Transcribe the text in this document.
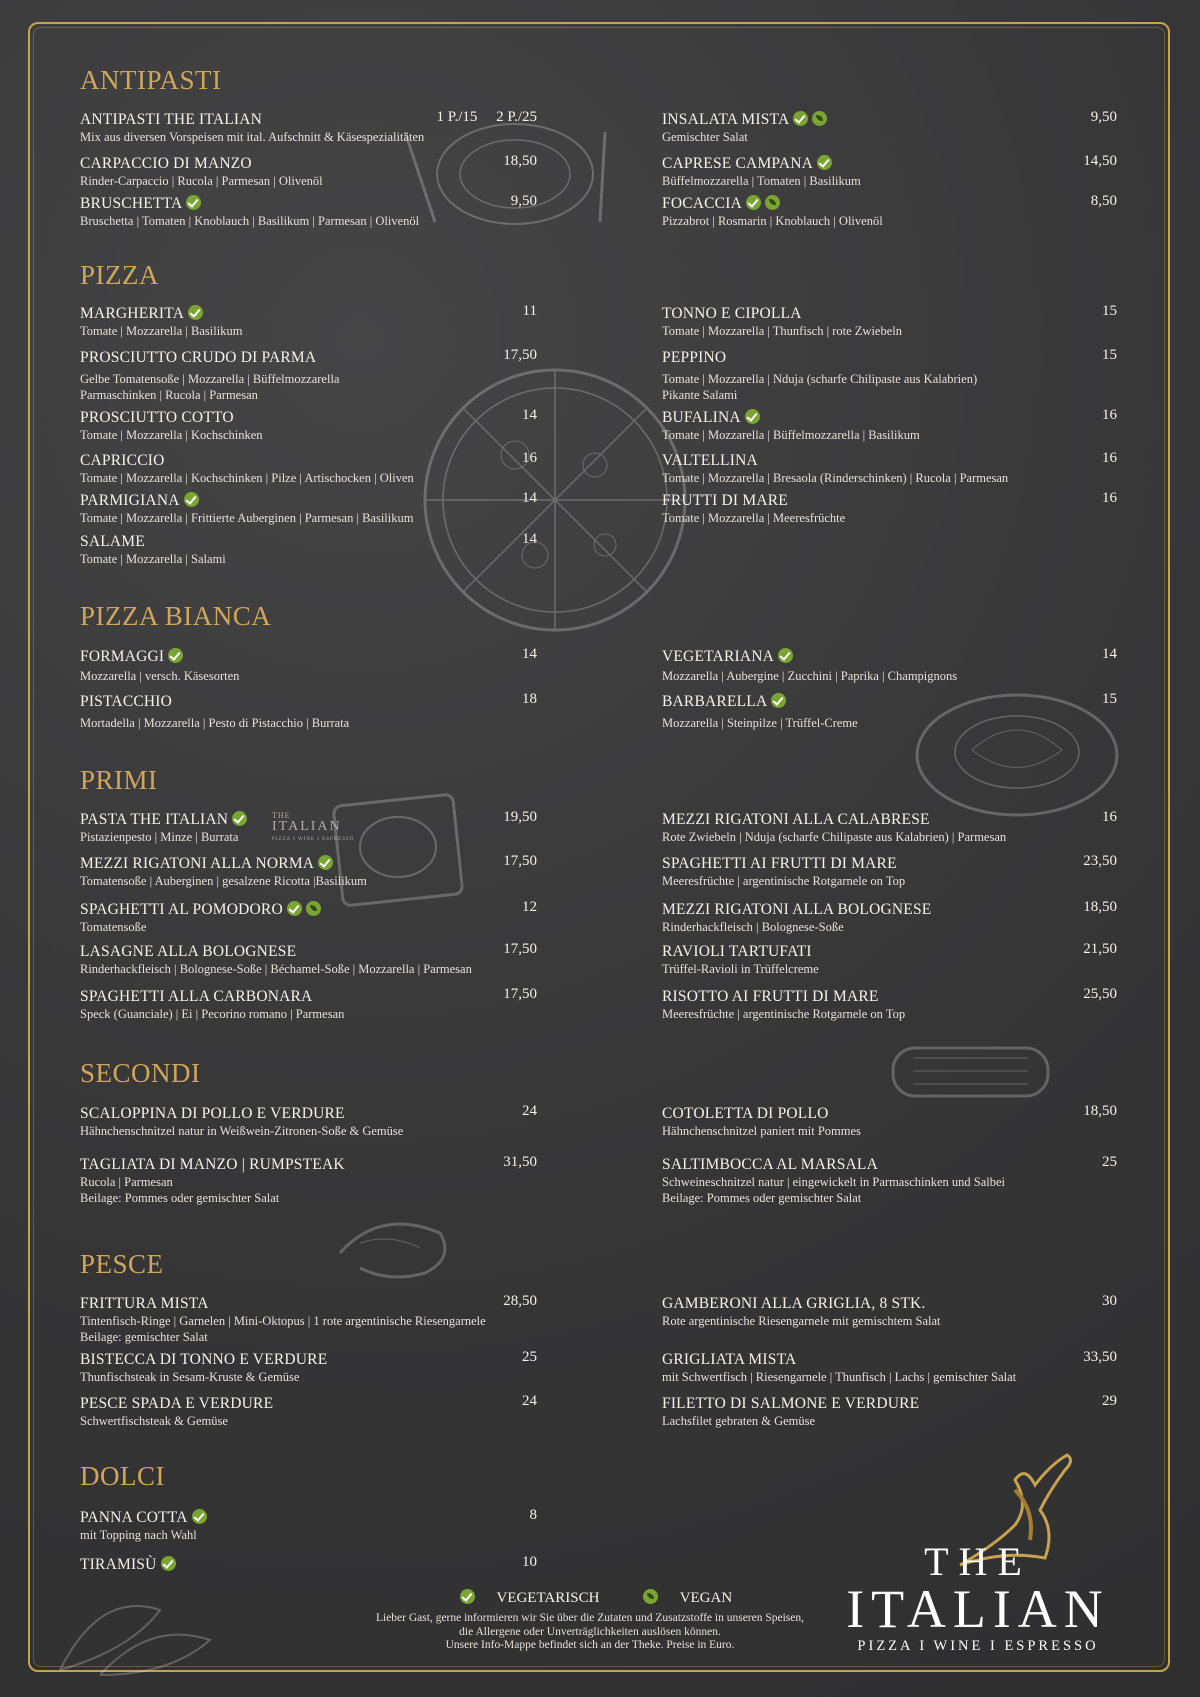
ANTIPASTI
PIZZA
PIZZA BIANCA
PRIMI
SECONDI
PESCE
DOLCI
ANTIPASTI THE ITALIAN	1 P./15     2 P./25
Mix aus diversen Vorspeisen mit ital. Aufschnitt & Käsespezialitäten
CARPACCIO DI MANZO	18,50
Rinder-Carpaccio | Rucola | Parmesan | Olivenöl
BRUSCHETTA	9,50
Bruschetta | Tomaten | Knoblauch | Basilikum | Parmesan | Olivenöl
INSALATA MISTA	9,50
Gemischter Salat
CAPRESE CAMPANA	14,50
Büffelmozzarella | Tomaten | Basilikum
FOCACCIA	8,50
Pizzabrot | Rosmarin | Knoblauch | Olivenöl
MARGHERITA	11
Tomate | Mozzarella | Basilikum
PROSCIUTTO CRUDO DI PARMA	17,50
Gelbe Tomatensoße | Mozzarella | Büffelmozzarella
Parmaschinken | Rucola | Parmesan
PROSCIUTTO COTTO	14
Tomate | Mozzarella | Kochschinken
CAPRICCIO	16
Tomate | Mozzarella | Kochschinken | Pilze | Artischocken | Oliven
PARMIGIANA	14
Tomate | Mozzarella | Frittierte Auberginen | Parmesan | Basilikum
SALAME	14
Tomate | Mozzarella | Salami
TONNO E CIPOLLA	15
Tomate | Mozzarella | Thunfisch | rote Zwiebeln
PEPPINO	15
Tomate | Mozzarella | Nduja (scharfe Chilipaste aus Kalabrien)
Pikante Salami
BUFALINA	16
Tomate | Mozzarella | Büffelmozzarella | Basilikum
VALTELLINA	16
Tomate | Mozzarella | Bresaola (Rinderschinken) | Rucola | Parmesan
FRUTTI DI MARE	16
Tomate | Mozzarella | Meeresfrüchte
FORMAGGI	14
Mozzarella | versch. Käsesorten
PISTACCHIO	18
Mortadella | Mozzarella | Pesto di Pistacchio | Burrata
VEGETARIANA	14
Mozzarella | Aubergine | Zucchini | Paprika | Champignons
BARBARELLA	15
Mozzarella | Steinpilze | Trüffel-Creme
PASTA THE ITALIAN	19,50
Pistazienpesto | Minze | Burrata
THE
ITALIAN
PIZZA I WINE I ESPRESSO
MEZZI RIGATONI ALLA NORMA	17,50
Tomatensoße | Auberginen | gesalzene Ricotta |Basilikum
SPAGHETTI AL POMODORO	12
Tomatensoße
LASAGNE ALLA BOLOGNESE	17,50
Rinderhackfleisch | Bolognese-Soße | Béchamel-Soße | Mozzarella | Parmesan
SPAGHETTI ALLA CARBONARA	17,50
Speck (Guanciale) | Ei | Pecorino romano | Parmesan
MEZZI RIGATONI ALLA CALABRESE	16
Rote Zwiebeln | Nduja (scharfe Chilipaste aus Kalabrien) | Parmesan
SPAGHETTI AI FRUTTI DI MARE	23,50
Meeresfrüchte | argentinische Rotgarnele on Top
MEZZI RIGATONI ALLA BOLOGNESE	18,50
Rinderhackfleisch | Bolognese-Soße
RAVIOLI TARTUFATI	21,50
Trüffel-Ravioli in Trüffelcreme
RISOTTO AI FRUTTI DI MARE	25,50
Meeresfrüchte | argentinische Rotgarnele on Top
SCALOPPINA DI POLLO E VERDURE	24
Hähnchenschnitzel natur in Weißwein-Zitronen-Soße & Gemüse
TAGLIATA DI MANZO | RUMPSTEAK	31,50
Rucola | Parmesan
Beilage: Pommes oder gemischter Salat
COTOLETTA DI POLLO	18,50
Hähnchenschnitzel paniert mit Pommes
SALTIMBOCCA AL MARSALA	25
Schweineschnitzel natur | eingewickelt in Parmaschinken und Salbei
Beilage: Pommes oder gemischter Salat
FRITTURA MISTA	28,50
Tintenfisch-Ringe | Garnelen | Mini-Oktopus | 1 rote argentinische Riesengarnele
Beilage: gemischter Salat
BISTECCA DI TONNO E VERDURE	25
Thunfischsteak in Sesam-Kruste & Gemüse
PESCE SPADA E VERDURE	24
Schwertfischsteak & Gemüse
GAMBERONI ALLA GRIGLIA, 8 STK.	30
Rote argentinische Riesengarnele mit gemischtem Salat
GRIGLIATA MISTA	33,50
mit Schwertfisch | Riesengarnele | Thunfisch | Lachs | gemischter Salat
FILETTO DI SALMONE E VERDURE	29
Lachsfilet gebraten & Gemüse
PANNA COTTA	8
mit Topping nach Wahl
TIRAMISÙ	10
VEGETARISCH	VEGAN
Lieber Gast, gerne informieren wir Sie über die Zutaten und Zusatzstoffe in unseren Speisen,
die Allergene oder Unverträglichkeiten auslösen können.
Unsere Info-Mappe befindet sich an der Theke. Preise in Euro.
THE
ITALIAN
PIZZA I WINE I ESPRESSO
